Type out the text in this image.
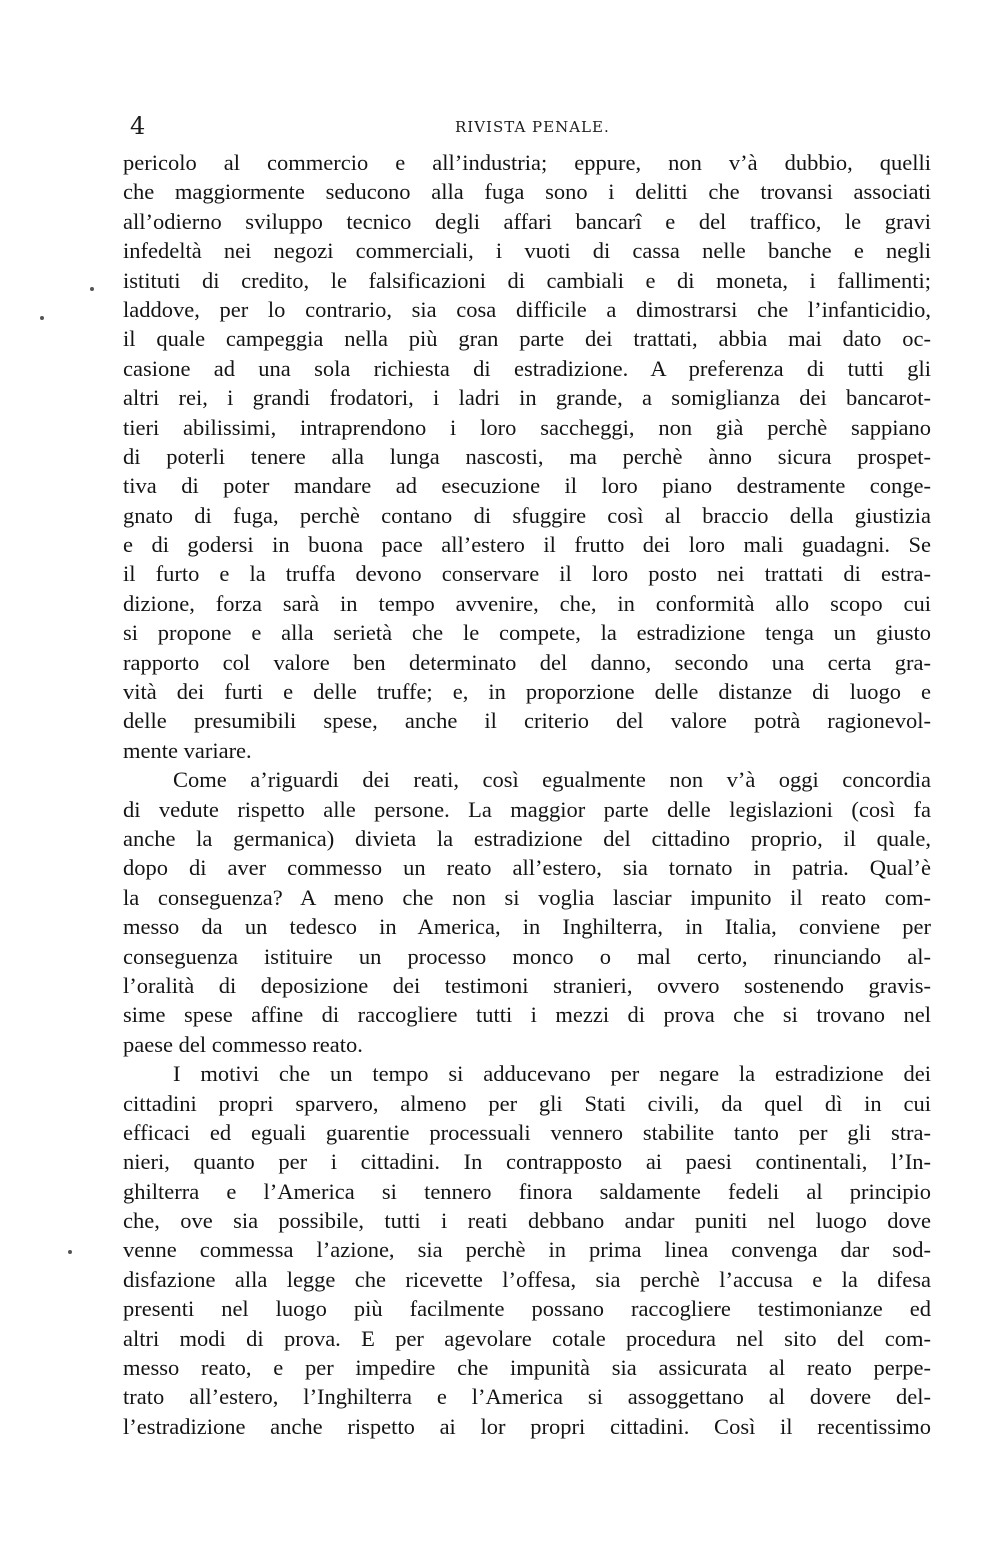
4	RIVISTA PENALE.
pericolo al commercio e all’industria; eppure, non v’à dubbio, quelli
che maggiormente seducono alla fuga sono i delitti che trovansi associati
all’odierno sviluppo tecnico degli affari bancarî e del traffico, le gravi
infedeltà nei negozi commerciali, i vuoti di cassa nelle banche e negli
istituti di credito, le falsificazioni di cambiali e di moneta, i fallimenti;
laddove, per lo contrario, sia cosa difficile a dimostrarsi che l’infanticidio,
il quale campeggia nella più gran parte dei trattati, abbia mai dato oc-
casione ad una sola richiesta di estradizione. A preferenza di tutti gli
altri rei, i grandi frodatori, i ladri in grande, a somiglianza dei bancarot-
tieri abilissimi, intraprendono i loro saccheggi, non già perchè sappiano
di poterli tenere alla lunga nascosti, ma perchè ànno sicura prospet-
tiva di poter mandare ad esecuzione il loro piano destramente conge-
gnato di fuga, perchè contano di sfuggire così al braccio della giustizia
e di godersi in buona pace all’estero il frutto dei loro mali guadagni. Se
il furto e la truffa devono conservare il loro posto nei trattati di estra-
dizione, forza sarà in tempo avvenire, che, in conformità allo scopo cui
si propone e alla serietà che le compete, la estradizione tenga un giusto
rapporto col valore ben determinato del danno, secondo una certa gra-
vità dei furti e delle truffe; e, in proporzione delle distanze di luogo e
delle presumibili spese, anche il criterio del valore potrà ragionevol-
mente variare.
Come a’riguardi dei reati, così egualmente non v’à oggi concordia
di vedute rispetto alle persone. La maggior parte delle legislazioni (così fa
anche la germanica) divieta la estradizione del cittadino proprio, il quale,
dopo di aver commesso un reato all’estero, sia tornato in patria. Qual’è
la conseguenza? A meno che non si voglia lasciar impunito il reato com-
messo da un tedesco in America, in Inghilterra, in Italia, conviene per
conseguenza istituire un processo monco o mal certo, rinunciando al-
l’oralità di deposizione dei testimoni stranieri, ovvero sostenendo gravis-
sime spese affine di raccogliere tutti i mezzi di prova che si trovano nel
paese del commesso reato.
I motivi che un tempo si adducevano per negare la estradizione dei
cittadini propri sparvero, almeno per gli Stati civili, da quel dì in cui
efficaci ed eguali guarentie processuali vennero stabilite tanto per gli stra-
nieri, quanto per i cittadini. In contrapposto ai paesi continentali, l’In-
ghilterra e l’America si tennero finora saldamente fedeli al principio
che, ove sia possibile, tutti i reati debbano andar puniti nel luogo dove
venne commessa l’azione, sia perchè in prima linea convenga dar sod-
disfazione alla legge che ricevette l’offesa, sia perchè l’accusa e la difesa
presenti nel luogo più facilmente possano raccogliere testimonianze ed
altri modi di prova. E per agevolare cotale procedura nel sito del com-
messo reato, e per impedire che impunità sia assicurata al reato perpe-
trato all’estero, l’Inghilterra e l’America si assoggettano al dovere del-
l’estradizione anche rispetto ai lor propri cittadini. Così il recentissimo
